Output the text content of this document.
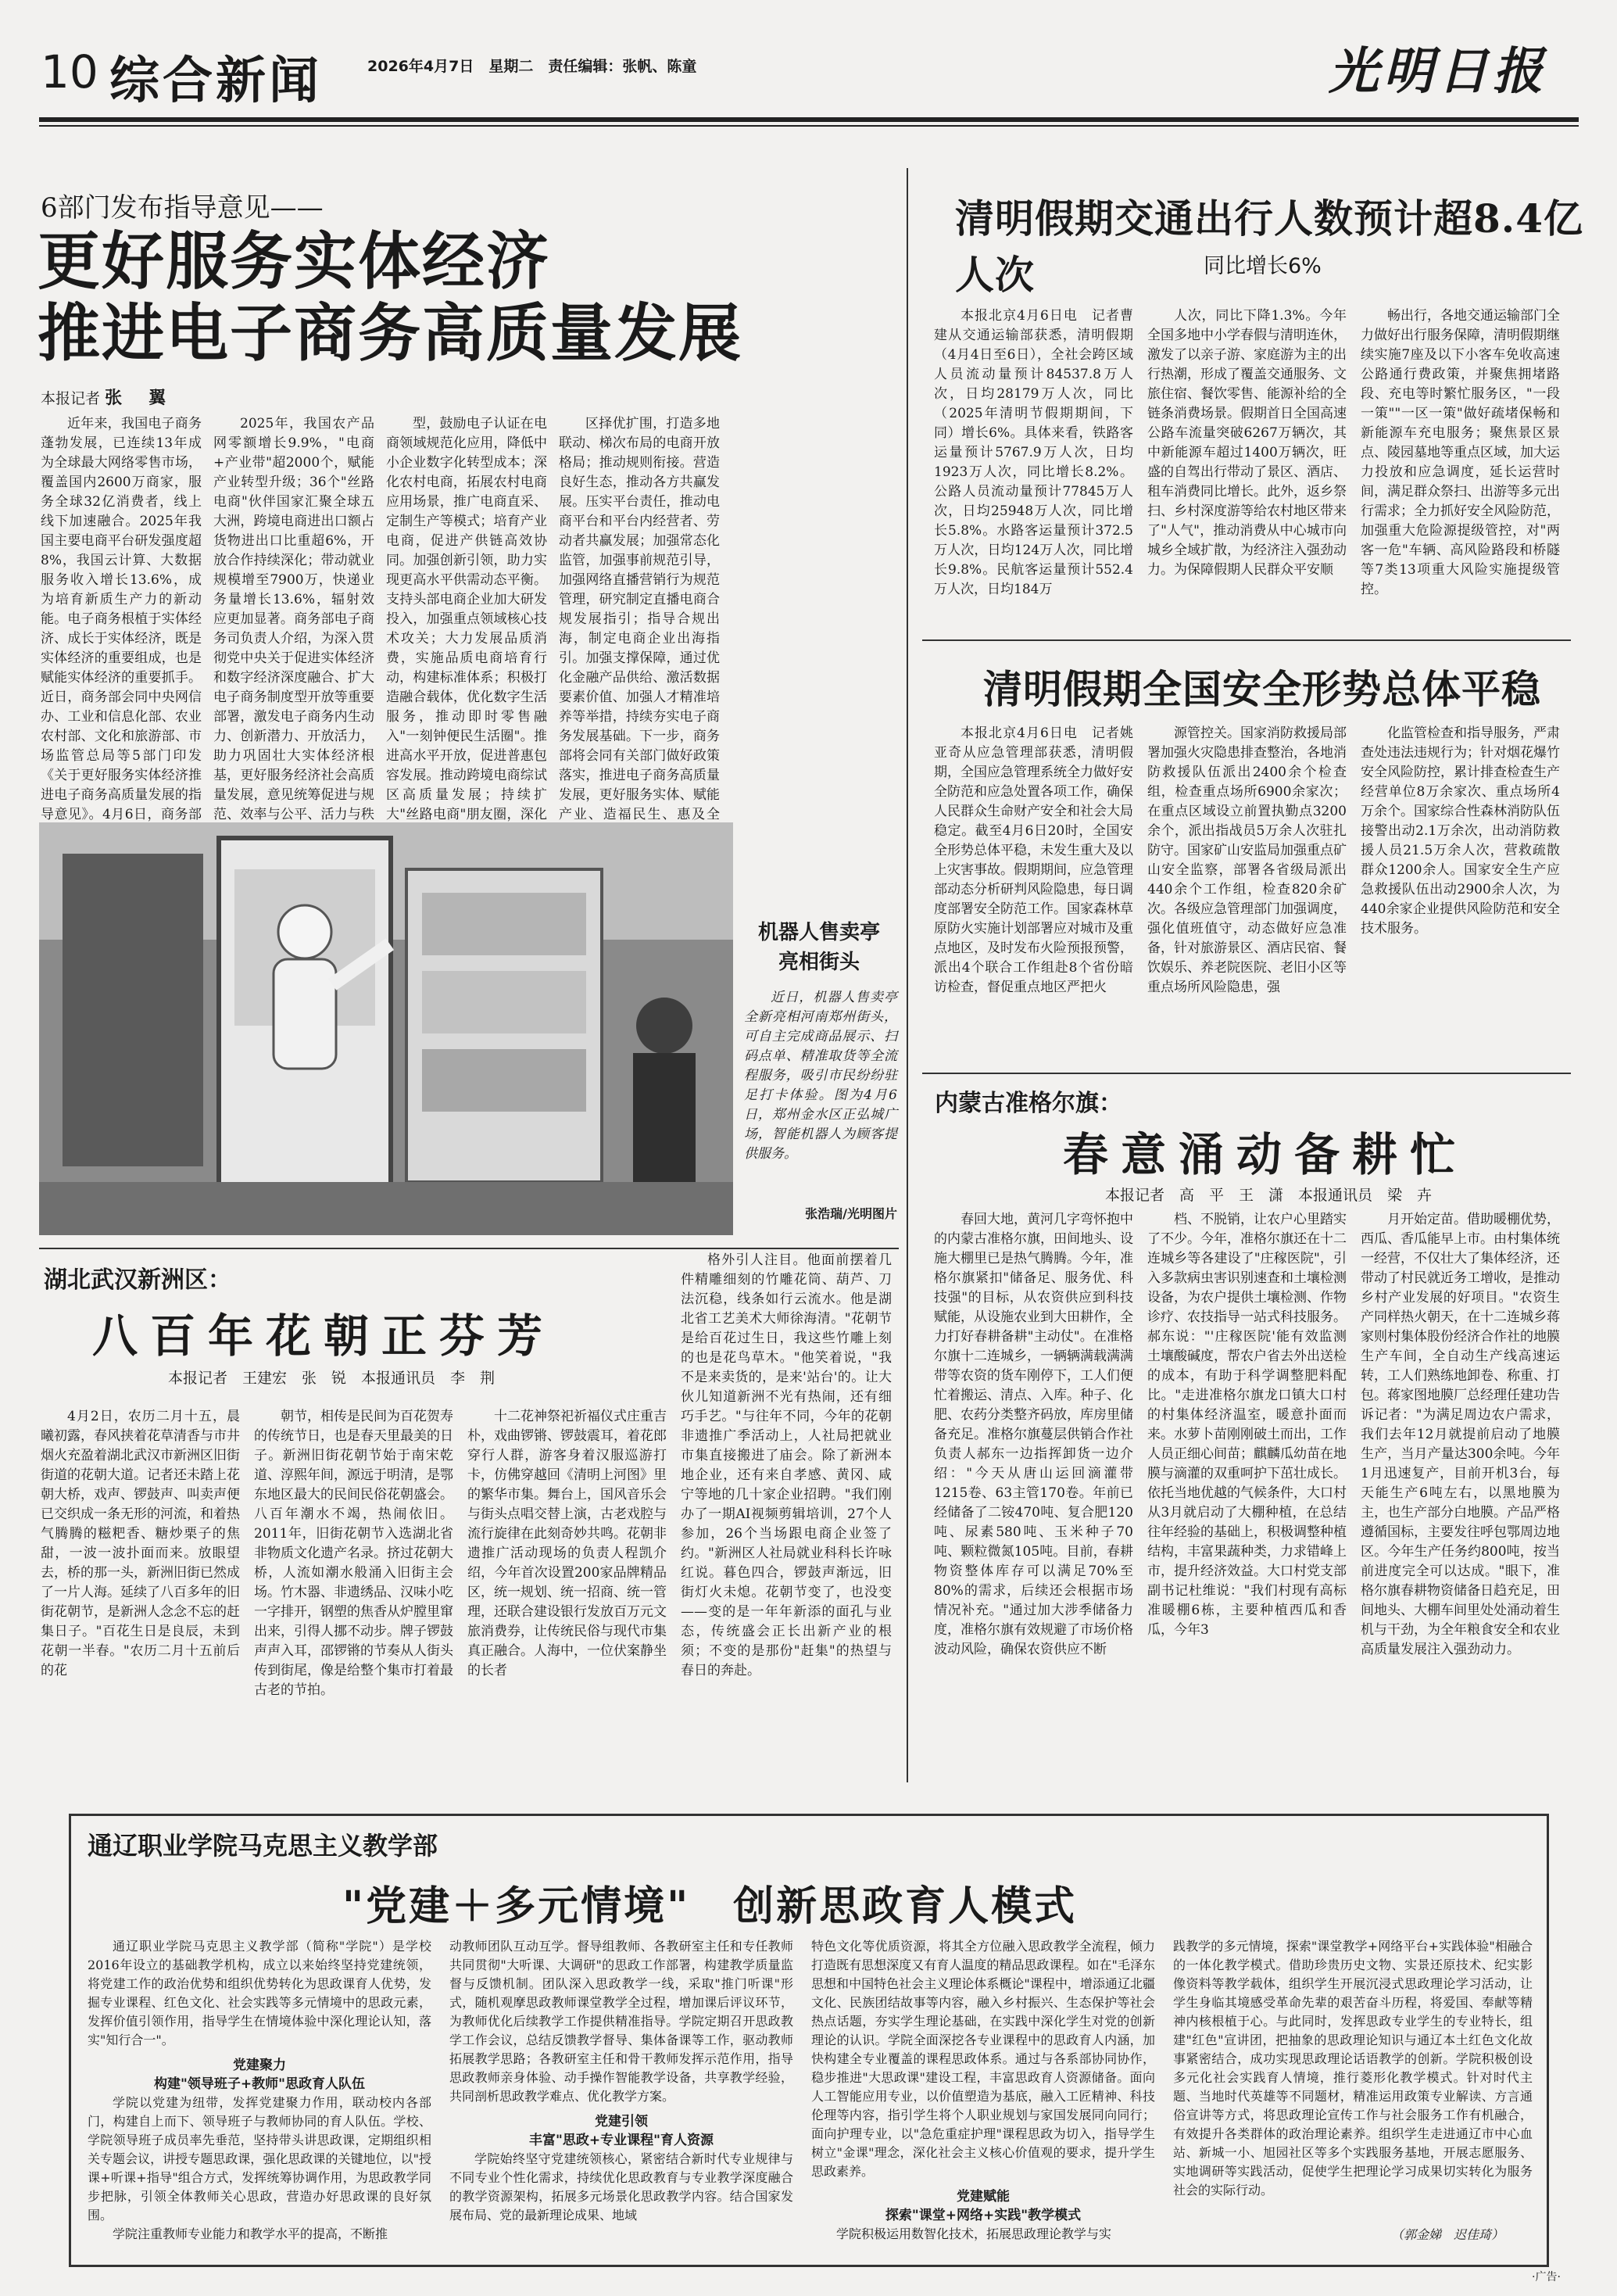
10 综合新闻	2026年4月7日　星期二　责任编辑：张帆、陈童	光明日报
6部门发布指导意见——
更好服务实体经济
推进电子商务高质量发展
本报记者 张　翼

近年来，我国电子商务蓬勃发展，已连续13年成为全球最大网络零售市场，覆盖国内2600万商家，服务全球32亿消费者，线上线下加速融合。2025年我国主要电商平台研发强度超8%，我国云计算、大数据服务收入增长13.6%，成为培育新质生产力的新动能。电子商务根植于实体经济、成长于实体经济，既是实体经济的重要组成，也是赋能实体经济的重要抓手。近日，商务部会同中央网信办、工业和信息化部、农业农村部、文化和旅游部、市场监管总局等5部门印发《关于更好服务实体经济推进电子商务高质量发展的指导意见》。4月6日，商务部

2025年，我国农产品网零额增长9.9%，"电商+产业带"超2000个，赋能产业转型升级；36个"丝路电商"伙伴国家汇聚全球五大洲，跨境电商进出口额占货物进出口比重超6%，开放合作持续深化；带动就业规模增至7900万，快递业务量增长13.6%，辐射效应更加显著。商务部电子商务司负责人介绍，为深入贯彻党中央关于促进实体经济和数字经济深度融合、扩大电子商务制度型开放等重要部署，激发电子商务内生动力、创新潜力、开放活力，助力巩固壮大实体经济根基，更好服务经济社会高质量发展，意见统筹促进与规范、效率与公平、活力与秩

型，鼓励电子认证在电商领域规范化应用，降低中小企业数字化转型成本；深化农村电商，拓展农村电商应用场景，推广电商直采、定制生产等模式；培育产业电商，促进产供链高效协同。加强创新引领，助力实现更高水平供需动态平衡。支持头部电商企业加大研发投入，加强重点领域核心技术攻关；大力发展品质消费，实施品质电商培育行动，构建标准体系；积极打造融合载体，优化数字生活服务，推动即时零售融入"一刻钟便民生活圈"。推进高水平开放，促进普惠包容发展。推动跨境电商综试区高质量发展；持续扩大"丝路电商"朋友圈，深化

区择优扩围，打造多地联动、梯次布局的电商开放格局；推动规则衔接。营造良好生态，推动各方共赢发展。压实平台责任，推动电商平台和平台内经营者、劳动者共赢发展；加强常态化监管，加强事前规范引导，加强网络直播营销行为规范管理，研究制定直播电商合规发展指引；指导合规出海，制定电商企业出海指引。加强支撑保障，通过优化金融产品供给、激活数据要素价值、加强人才精准培养等举措，持续夯实电子商务发展基础。下一步，商务部将会同有关部门做好政策落实，推进电子商务高质量发展，更好服务实体、赋能产业、造福民生、惠及全

机器人售卖亭
亮相街头
近日，机器人售卖亭全新亮相河南郑州街头，可自主完成商品展示、扫码点单、精准取货等全流程服务，吸引市民纷纷驻足打卡体验。图为4月6日，郑州金水区正弘城广场，智能机器人为顾客提供服务。
张浩瑞/光明图片
清明假期交通出行人数预计超8.4亿人次	同比增长6%

本报北京4月6日电　记者曹建从交通运输部获悉，清明假期（4月4日至6日），全社会跨区域人员流动量预计84537.8万人次，日均28179万人次，同比（2025年清明节假期期间，下同）增长6%。具体来看，铁路客运量预计5767.9万人次，日均1923万人次，同比增长8.2%。公路人员流动量预计77845万人次，日均25948万人次，同比增长5.8%。水路客运量预计372.5万人次，日均124万人次，同比增长9.8%。民航客运量预计552.4万人次，日均184万

人次，同比下降1.3%。今年全国多地中小学春假与清明连休，激发了以亲子游、家庭游为主的出行热潮，形成了覆盖交通服务、文旅住宿、餐饮零售、能源补给的全链条消费场景。假期首日全国高速公路车流量突破6267万辆次，其中新能源车超过1400万辆次，旺盛的自驾出行带动了景区、酒店、租车消费同比增长。此外，返乡祭扫、乡村深度游等给农村地区带来了"人气"，推动消费从中心城市向城乡全域扩散，为经济注入强劲动力。为保障假期人民群众平安顺

畅出行，各地交通运输部门全力做好出行服务保障，清明假期继续实施7座及以下小客车免收高速公路通行费政策，并聚焦拥堵路段、充电等时繁忙服务区，"一段一策""一区一策"做好疏堵保畅和新能源车充电服务；聚焦景区景点、陵园墓地等重点区域，加大运力投放和应急调度，延长运营时间，满足群众祭扫、出游等多元出行需求；全力抓好安全风险防范，加强重大危险源提级管控，对"两客一危"车辆、高风险路段和桥隧等7类13项重大风险实施提级管控。

清明假期全国安全形势总体平稳

本报北京4月6日电　记者姚亚奇从应急管理部获悉，清明假期，全国应急管理系统全力做好安全防范和应急处置各项工作，确保人民群众生命财产安全和社会大局稳定。截至4月6日20时，全国安全形势总体平稳，未发生重大及以上灾害事故。假期期间，应急管理部动态分析研判风险隐患，每日调度部署安全防范工作。国家森林草原防火实施计划部署应对城市及重点地区，及时发布火险预报预警，派出4个联合工作组赴8个省份暗访检查，督促重点地区严把火

源管控关。国家消防救援局部署加强火灾隐患排查整治，各地消防救援队伍派出2400余个检查组，检查重点场所6900余家次；在重点区域设立前置执勤点3200余个，派出指战员5万余人次驻扎防守。国家矿山安监局加强重点矿山安全监察，部署各省级局派出440余个工作组，检查820余矿次。各级应急管理部门加强调度，强化值班值守，动态做好应急准备，针对旅游景区、酒店民宿、餐饮娱乐、养老院医院、老旧小区等重点场所风险隐患，强

化监管检查和指导服务，严肃查处违法违规行为；针对烟花爆竹安全风险防控，累计排查检查生产经营单位8万余家次、重点场所4万余个。国家综合性森林消防队伍接警出动2.1万余次，出动消防救援人员21.5万余人次，营救疏散群众1200余人。国家安全生产应急救援队伍出动2900余人次，为440余家企业提供风险防范和安全技术服务。

内蒙古准格尔旗：
春意涌动备耕忙
本报记者　高　平　王　潇　本报通讯员　梁　卉

春回大地，黄河几字弯怀抱中的内蒙古准格尔旗，田间地头、设施大棚里已是热气腾腾。今年，准格尔旗紧扣"储备足、服务优、科技强"的目标，从农资供应到科技赋能，从设施农业到大田耕作，全力打好春耕备耕"主动仗"。在准格尔旗十二连城乡，一辆辆满载满满带等农资的货车刚停下，工人们便忙着搬运、清点、入库。种子、化肥、农药分类整齐码放，库房里储备充足。准格尔旗蔓层供销合作社负责人郝东一边指挥卸货一边介绍："今天从唐山运回滴灌带1215卷、63主管170卷。年前已经储备了二铵470吨、复合肥120吨、尿素580吨、玉米种子70吨、颗粒微氮105吨。目前，春耕物资整体库存可以满足70%至80%的需求，后续还会根据市场情况补充。"通过加大涉季储备力度，准格尔旗有效规避了市场价格波动风险，确保农资供应不断

档、不脱销，让农户心里踏实了不少。今年，准格尔旗还在十二连城乡等各建设了"庄稼医院"，引入多款病虫害识别速查和土壤检测设备，为农户提供土壤检测、作物诊疗、农技指导一站式科技服务。郝东说："'庄稼医院'能有效监测土壤酸碱度，帮农户省去外出送检的成本，有助于科学调整肥料配比。"走进准格尔旗龙口镇大口村的村集体经济温室，暖意扑面而来。水萝卜苗刚刚破土而出，工作人员正细心间苗；麒麟瓜幼苗在地膜与滴灌的双重呵护下茁壮成长。依托当地优越的气候条件，大口村从3月就启动了大棚种植，在总结往年经验的基础上，积极调整种植结构，丰富果蔬种类，力求错峰上市，提升经济效益。大口村党支部副书记杜维说："我们村现有高标准暖棚6栋，主要种植西瓜和香瓜，今年3

月开始定苗。借助暖棚优势，西瓜、香瓜能早上市。由村集体统一经营，不仅壮大了集体经济，还带动了村民就近务工增收，是推动乡村产业发展的好项目。"农资生产同样热火朝天，在十二连城乡蒋家则村集体股份经济合作社的地膜生产车间，全自动生产线高速运转，工人们熟练地卸卷、称重、打包。蒋家图地膜厂总经理任建功告诉记者："为满足周边农户需求，我们去年12月就提前启动了地膜生产，当月产量达300余吨。今年1月迅速复产，目前开机3台，每天能生产6吨左右，以黑地膜为主，也生产部分白地膜。产品严格遵循国标，主要发往呼包鄂周边地区。今年生产任务约800吨，按当前进度完全可以达成。"眼下，准格尔旗春耕物资储备日趋充足，田间地头、大棚车间里处处涌动着生机与干劲，为全年粮食安全和农业高质量发展注入强劲动力。

湖北武汉新洲区：
八百年花朝正芬芳
本报记者　王建宏　张　锐　本报通讯员　李　荆

4月2日，农历二月十五，晨曦初露，春风挟着花草清香与市井烟火充盈着湖北武汉市新洲区旧街街道的花朝大道。记者还未踏上花朝大桥，戏声、锣鼓声、叫卖声便已交织成一条无形的河流，和着热气腾腾的糍粑香、糖炒栗子的焦甜，一波一波扑面而来。放眼望去，桥的那一头，新洲旧街已然成了一片人海。延续了八百多年的旧街花朝节，是新洲人念念不忘的赶集日子。"百花生日是良辰，未到花朝一半春。"农历二月十五前后的花

朝节，相传是民间为百花贺寿的传统节日，也是春天里最美的日子。新洲旧街花朝节始于南宋乾道、淳熙年间，源远于明清，是鄂东地区最大的民间民俗花朝盛会。八百年潮水不竭，热闹依旧。2011年，旧街花朝节入选湖北省非物质文化遗产名录。挤过花朝大桥，人流如潮水般涌入旧街主会场。竹木器、非遗绣品、汉味小吃一字排开，钢塑的焦香从炉膛里窜出来，引得人挪不动步。牌子锣鼓声声入耳，邵锣锵的节奏从人街头传到街尾，像是给整个集市打着最古老的节拍。

十二花神祭祀祈福仪式庄重吉朴，戏曲锣锵、锣鼓震耳，着花郎穿行人群，游客身着汉服巡游打卡，仿佛穿越回《清明上河图》里的繁华市集。舞台上，国风音乐会与街头点唱交替上演，古老戏腔与流行旋律在此刻奇妙共鸣。花朝非遗推广活动现场的负责人程凯介绍，今年首次设置200家品牌精品区，统一规划、统一招商、统一管理，还联合建设银行发放百万元文旅消费券，让传统民俗与现代市集真正融合。人海中，一位伏案静坐的长者

格外引人注目。他面前摆着几件精雕细刻的竹雕花筒、葫芦、刀法沉稳，线条如行云流水。他是湖北省工艺美术大师徐海清。"花朝节是给百花过生日，我这些竹雕上刻的也是花鸟草木。"他笑着说，"我不是来卖货的，是来'站台'的。让大伙儿知道新洲不光有热闹，还有细巧手艺。"与往年不同，今年的花朝非遗推广季活动上，人社局把就业市集直接搬进了庙会。除了新洲本地企业，还有来自孝感、黄冈、咸宁等地的几十家企业招聘。"我们刚办了一期AI视频剪辑培训，27个人参加，26个当场跟电商企业签了约。"新洲区人社局就业科科长许咏红说。暮色四合，锣鼓声渐远，旧街灯火未熄。花朝节变了，也没变——变的是一年年新添的面孔与业态，传统盛会正长出新产业的根须；不变的是那份"赶集"的热望与春日的奔赴。

通辽职业学院马克思主义教学部
"党建＋多元情境"　创新思政育人模式

通辽职业学院马克思主义教学部（简称"学院"）是学校2016年设立的基础教学机构，成立以来始终坚持党建统领，将党建工作的政治优势和组织优势转化为思政课育人优势，发掘专业课程、红色文化、社会实践等多元情境中的思政元素，发挥价值引领作用，指导学生在情境体验中深化理论认知，落实"知行合一"。

党建聚力
构建"领导班子+教师"思政育人队伍

学院以党建为纽带，发挥党建聚力作用，联动校内各部门，构建自上而下、领导班子与教师协同的育人队伍。学校、学院领导班子成员率先垂范，坚持带头讲思政课，定期组织相关专题会议，讲授专题思政课，强化思政课的关键地位，以"授课+听课+指导"组合方式，发挥统筹协调作用，为思政教学同步把脉，引领全体教师关心思政，营造办好思政课的良好氛围。

学院注重教师专业能力和教学水平的提高，不断推

动教师团队互动互学。督导组教师、各教研室主任和专任教师共同贯彻"大听课、大调研"的思政工作部署，构建教学质量监督与反馈机制。团队深入思政教学一线，采取"推门听课"形式，随机观摩思政教师课堂教学全过程，增加课后评议环节，为教师优化后续教学工作提供精准指导。学院定期召开思政教学工作会议，总结反馈教学督导、集体备课等工作，驱动教师拓展教学思路；各教研室主任和骨干教师发挥示范作用，指导思政教师亲身体验、动手操作智能教学设备，共享教学经验，共同剖析思政教学难点、优化教学方案。

党建引领
丰富"思政+专业课程"育人资源

学院始终坚守党建统领核心，紧密结合新时代专业规律与不同专业个性化需求，持续优化思政教育与专业教学深度融合的教学资源架构，拓展多元场景化思政教学内容。结合国家发展布局、党的最新理论成果、地域

特色文化等优质资源，将其全方位融入思政教学全流程，倾力打造既有思想深度又有育人温度的精品思政课程。如在"毛泽东思想和中国特色社会主义理论体系概论"课程中，增添通辽北疆文化、民族团结故事等内容，融入乡村振兴、生态保护等社会热点话题，夯实学生理论基础，在实践中深化学生对党的创新理论的认识。学院全面深挖各专业课程中的思政育人内涵，加快构建全专业覆盖的课程思政体系。通过与各系部协同协作，稳步推进"大思政课"建设工程，丰富思政育人资源储备。面向人工智能应用专业，以价值塑造为基底，融入工匠精神、科技伦理等内容，指引学生将个人职业规划与家国发展同向同行；面向护理专业，以"急危重症护理"课程思政为切入，指导学生树立"金课"理念，深化社会主义核心价值观的要求，提升学生思政素养。

党建赋能
探索"课堂+网络+实践"教学模式

学院积极运用数智化技术，拓展思政理论教学与实

践教学的多元情境，探索"课堂教学+网络平台+实践体验"相融合的一体化教学模式。借助珍贵历史文物、实景还原技术、纪实影像资料等教学载体，组织学生开展沉浸式思政理论学习活动，让学生身临其境感受革命先辈的艰苦奋斗历程，将爱国、奉献等精神内核根植于心。与此同时，发挥思政专业学生的专业特长，组建"红色"宣讲团，把抽象的思政理论知识与通辽本土红色文化故事紧密结合，成功实现思政理论话语教学的创新。学院积极创设多元化社会实践育人情境，推行菱形化教学模式。针对时代主题、当地时代英雄等不同题材，精准运用政策专业解读、方言通俗宣讲等方式，将思政理论宣传工作与社会服务工作有机融合，有效提升各类群体的政治理论素养。组织学生走进通辽市中心血站、新城一小、旭园社区等多个实践服务基地，开展志愿服务、实地调研等实践活动，促使学生把理论学习成果切实转化为服务社会的实际行动。

（郭金娣　迟佳琦）
·广告·
